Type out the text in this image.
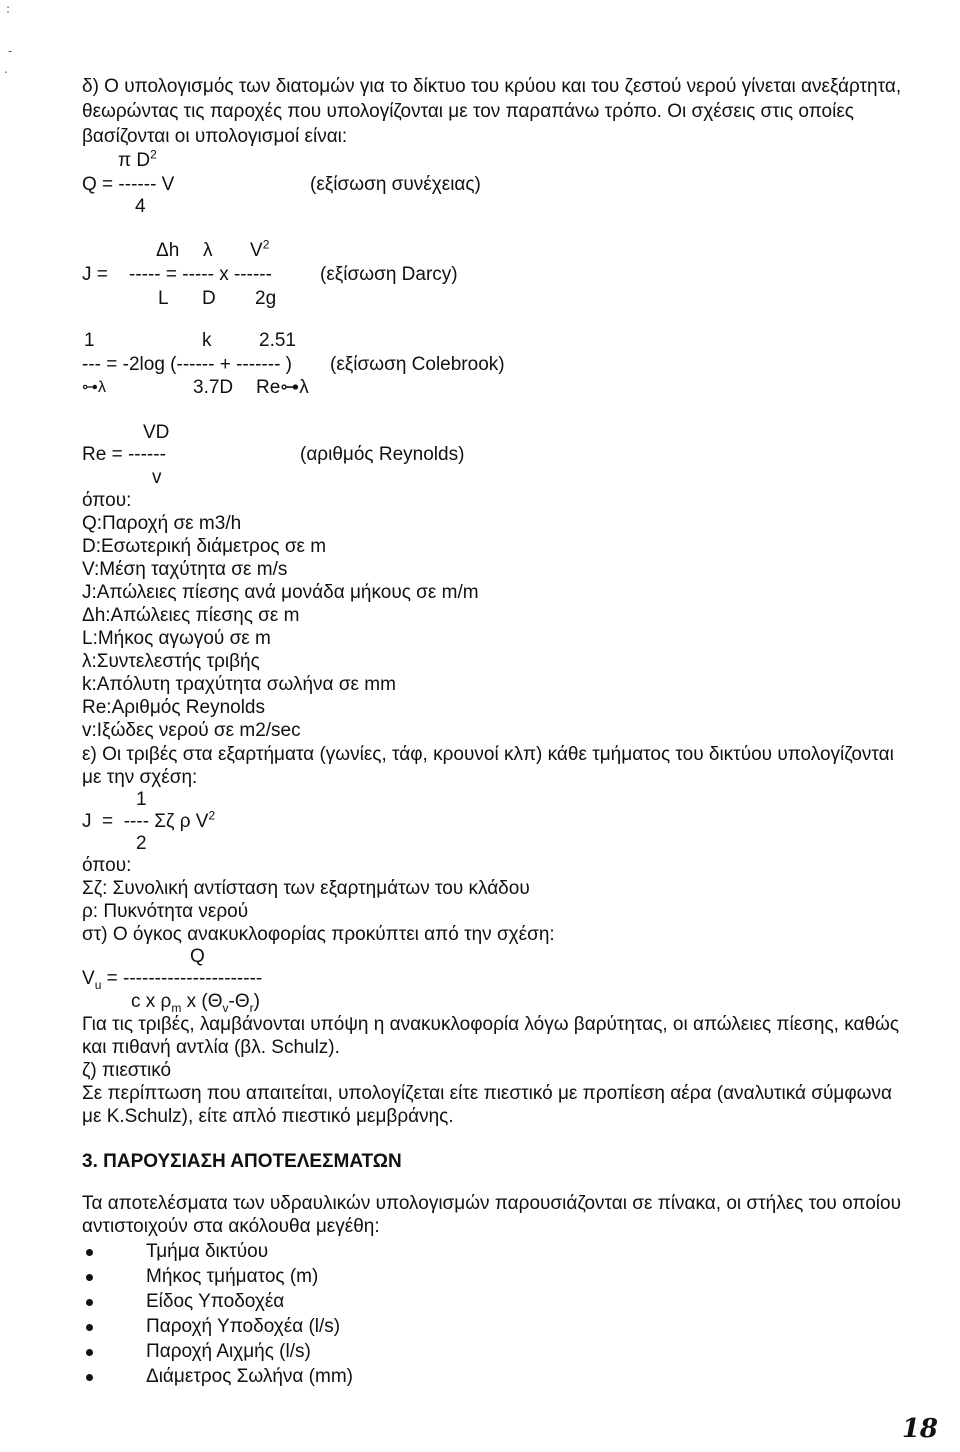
:
-
.
δ) Ο υπολογισμός των διατομών για το δίκτυο του κρύου και του ζεστού νερού γίνεται ανεξάρτητα,
θεωρώντας τις παροχές που υπολογίζονται με τον παραπάνω τρόπο. Οι σχέσεις στις οποίες
βασίζονται οι υπολογισμοί είναι:
π $D^2$
Q = ------ V	(εξίσωση συνέχειας)
4
Δh λ $V^2$
J =    ----- = ----- x ------	(εξίσωση Darcy)
L D 2g
1	k	2.51
--- = -2log (------ + ------- ) (εξίσωση Colebrook)
⊶λ	3.7D Re⊶λ
VD
Re = ------	(αριθμός Reynolds)
v
όπου:
Q:Παροχή σε m3/h
D:Εσωτερική διάμετρος σε m
V:Μέση ταχύτητα σε m/s
J:Απώλειες πίεσης ανά μονάδα μήκους σε m/m
Δh:Απώλειες πίεσης σε m
L:Μήκος αγωγού σε m
λ:Συντελεστής τριβής
k:Απόλυτη τραχύτητα σωλήνα σε mm
Re:Αριθμός Reynolds
v:Ιξώδες νερού σε m2/sec
ε) Οι τριβές στα εξαρτήματα (γωνίες, τάφ, κρουνοί κλπ) κάθε τμήματος του δικτύου υπολογίζονται
με την σχέση:
1
J  =  ---- Σζ ρ $V^2$
2
όπου:
Σζ: Συνολική αντίσταση των εξαρτημάτων του κλάδου
ρ: Πυκνότητα νερού
στ) Ο όγκος ανακυκλοφορίας προκύπτει από την σχέση:
Q
$V_u$ = ----------------------
c x $\rho_m$ x $(\Theta_v-\Theta_r)$
Για τις τριβές, λαμβάνονται υπόψη η ανακυκλοφορία λόγω βαρύτητας, οι απώλειες πίεσης, καθώς
και πιθανή αντλία (βλ. Schulz).
ζ) πιεστικό
Σε περίπτωση που απαιτείται, υπολογίζεται είτε πιεστικό με προπίεση αέρα (αναλυτικά σύμφωνα
με K.Schulz), είτε απλό πιεστικό μεμβράνης.
3. ΠΑΡΟΥΣΙΑΣΗ ΑΠΟΤΕΛΕΣΜΑΤΩΝ
Τα αποτελέσματα των υδραυλικών υπολογισμών παρουσιάζονται σε πίνακα, οι στήλες του οποίου
αντιστοιχούν στα ακόλουθα μεγέθη:
Τμήμα δικτύου
Μήκος τμήματος (m)
Είδος Υποδοχέα
Παροχή Υποδοχέα (l/s)
Παροχή Αιχμής (l/s)
Διάμετρος Σωλήνα (mm)
18
